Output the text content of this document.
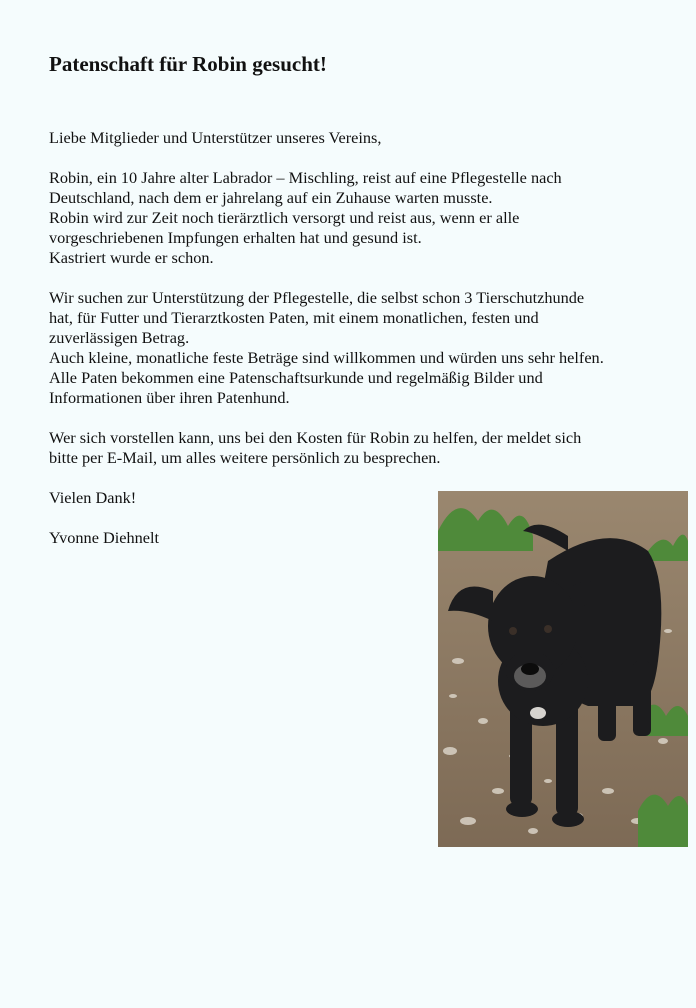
Patenschaft für Robin gesucht!

Liebe Mitglieder und Unterstützer unseres Vereins,

Robin, ein 10 Jahre alter Labrador – Mischling, reist auf eine Pflegestelle nach
Deutschland, nach dem er jahrelang auf ein Zuhause warten musste.
Robin wird zur Zeit noch tierärztlich versorgt und reist aus, wenn er alle
vorgeschriebenen Impfungen erhalten hat und gesund ist.
Kastriert wurde er schon.

Wir suchen zur Unterstützung der Pflegestelle, die selbst schon 3 Tierschutzhunde
hat, für Futter und Tierarztkosten Paten, mit einem monatlichen, festen und
zuverlässigen Betrag.
Auch kleine, monatliche feste Beträge sind willkommen und würden uns sehr helfen.
Alle Paten bekommen eine Patenschaftsurkunde und regelmäßig Bilder und
Informationen über ihren Patenhund.

Wer sich vorstellen kann, uns bei den Kosten für Robin zu helfen, der meldet sich
bitte per E-Mail, um alles weitere persönlich zu besprechen.

Vielen Dank!

Yvonne Diehnelt
